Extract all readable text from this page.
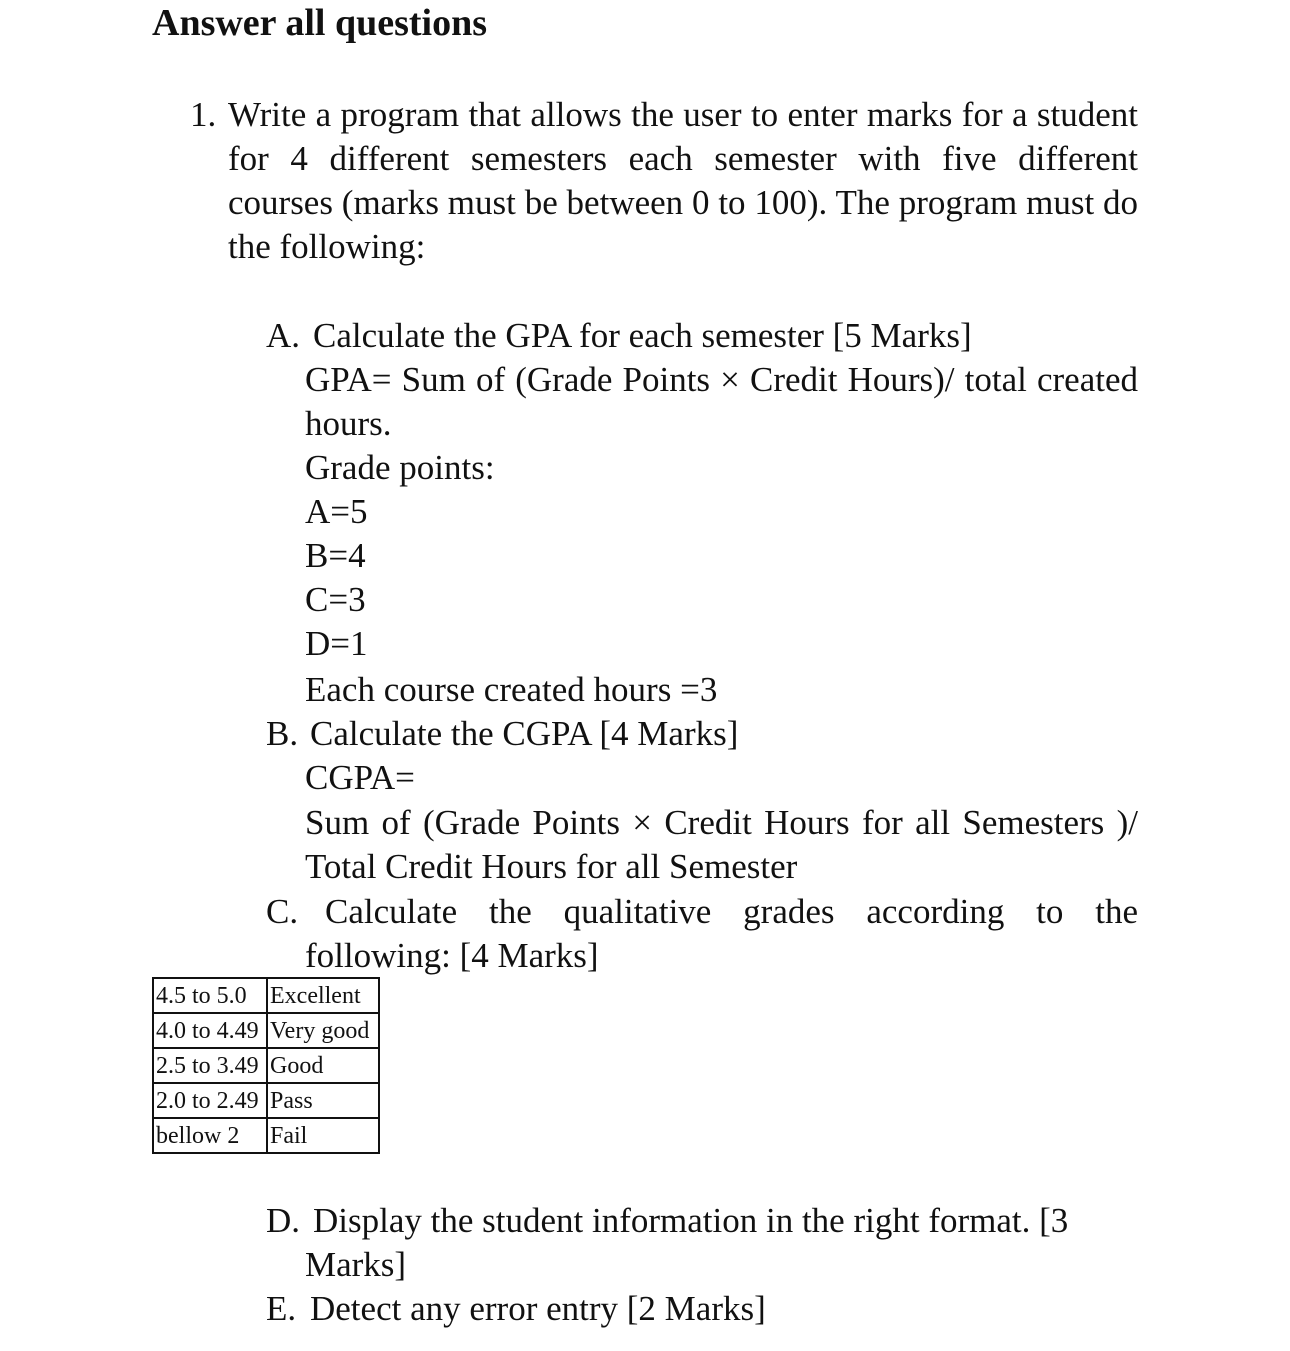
Answer all questions
1. Write a program that allows the user to enter marks for a student for 4 different semesters each semester with five different courses (marks must be between 0 to 100). The program must do the following:
A. Calculate the GPA for each semester [5 Marks]
GPA= Sum of (Grade Points × Credit Hours)/ total created hours.
Grade points:
A=5
B=4
C=3
D=1
Each course created hours =3
B. Calculate the CGPA [4 Marks]
CGPA=
Sum of (Grade Points × Credit Hours for all Semesters )/ Total Credit Hours for all Semester
C. Calculate the qualitative grades according to the following: [4 Marks]
4.5 to 5.0	Excellent
4.0 to 4.49	Very good
2.5 to 3.49	Good
2.0 to 2.49	Pass
bellow 2	Fail
D. Display the student information in the right format. [3 Marks]
E. Detect any error entry [2 Marks]
